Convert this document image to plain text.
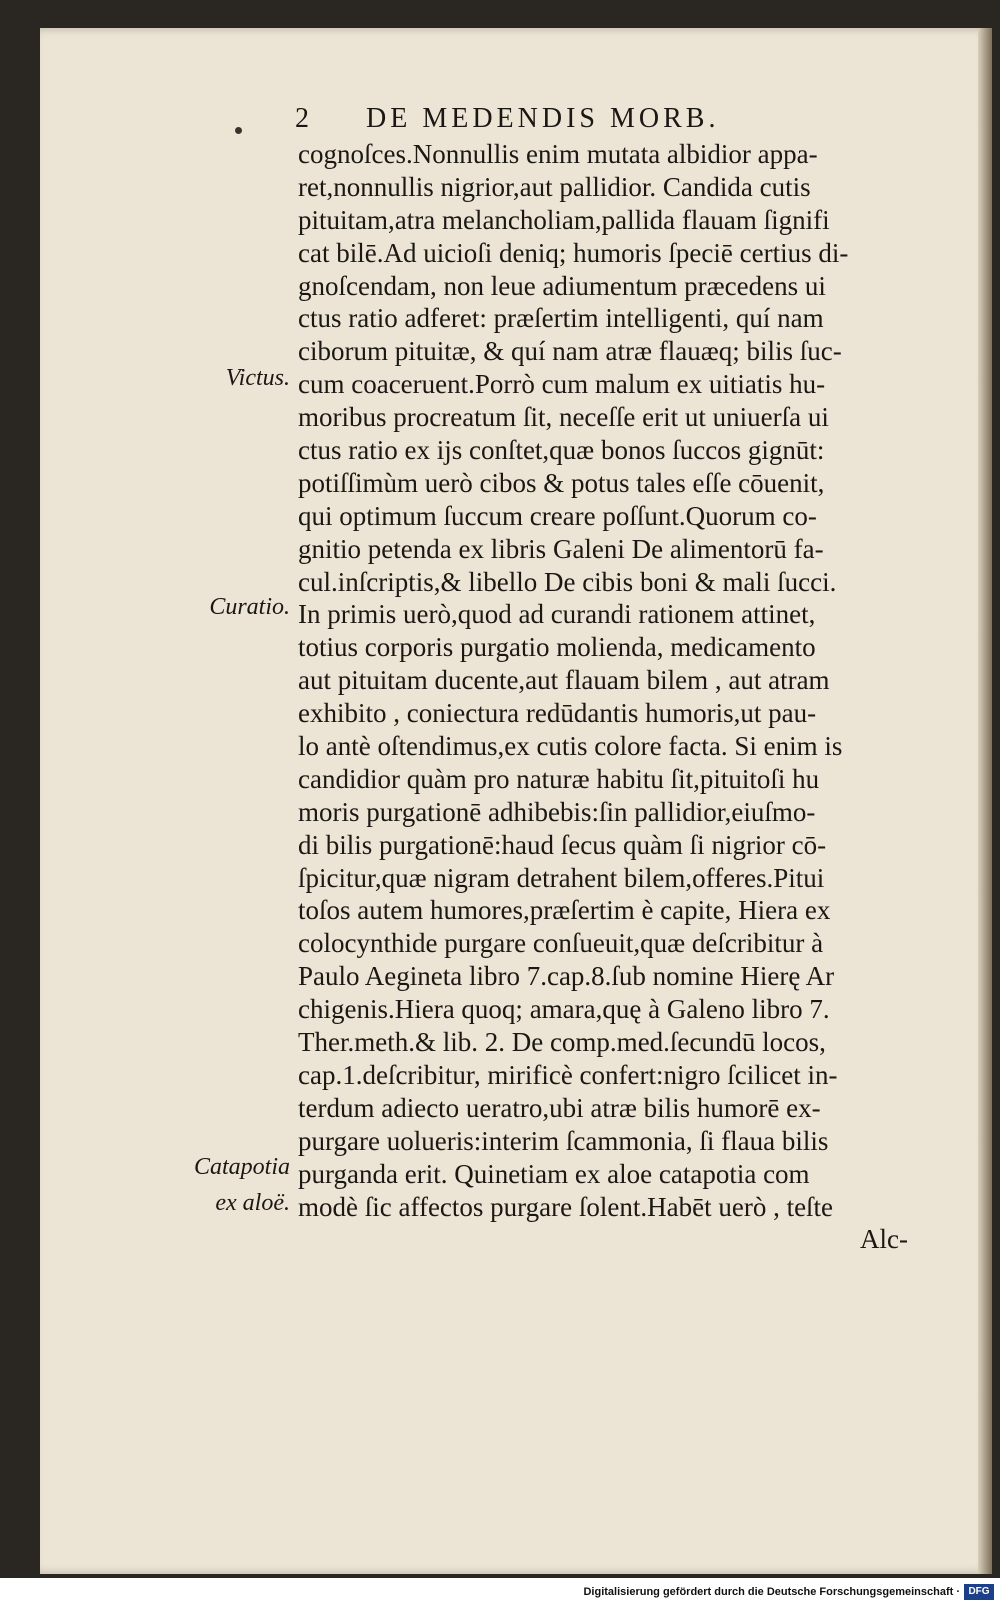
2 DE MEDENDIS MORB.
Victus.
Curatio.
Catapotia
ex aloë.
cognoſces.Nonnullis enim mutata albidior appa-
ret,nonnullis nigrior,aut pallidior. Candida cutis
pituitam,atra melancholiam,pallida flauam ſignifi
cat bilē.Ad uicioſi deniq; humoris ſpeciē certius di-
gnoſcendam, non leue adiumentum præcedens ui
ctus ratio adferet: præſertim intelligenti, quí nam
ciborum pituitæ, & quí nam atræ flauæq; bilis ſuc-
cum coaceruent.Porrò cum malum ex uitiatis hu-
moribus procreatum ſit, neceſſe erit ut uniuerſa ui
ctus ratio ex ijs conſtet,quæ bonos ſuccos gignūt:
potiſſimùm uerò cibos & potus tales eſſe cōuenit,
qui optimum ſuccum creare poſſunt.Quorum co-
gnitio petenda ex libris Galeni De alimentorū fa-
cul.inſcriptis,& libello De cibis boni & mali ſucci.
In primis uerò,quod ad curandi rationem attinet,
totius corporis purgatio molienda, medicamento
aut pituitam ducente,aut flauam bilem , aut atram
exhibito , coniectura redūdantis humoris,ut pau-
lo antè oſtendimus,ex cutis colore facta. Si enim is
candidior quàm pro naturæ habitu ſit,pituitoſi hu
moris purgationē adhibebis:ſin pallidior,eiuſmo-
di bilis purgationē:haud ſecus quàm ſi nigrior cō-
ſpicitur,quæ nigram detrahent bilem,offeres.Pitui
toſos autem humores,præſertim è capite, Hiera ex
colocynthide purgare conſueuit,quæ deſcribitur à
Paulo Aegineta libro 7.cap.8.ſub nomine Hierę Ar
chigenis.Hiera quoq; amara,quę à Galeno libro 7.
Ther.meth.& lib. 2. De comp.med.ſecundū locos,
cap.1.deſcribitur, mirificè confert:nigro ſcilicet in-
terdum adiecto ueratro,ubi atræ bilis humorē ex-
purgare uolueris:interim ſcammonia, ſi flaua bilis
purganda erit. Quinetiam ex aloe catapotia com
modè ſic affectos purgare ſolent.Habēt uerò , teſte
Alc-
Digitalisierung gefördert durch die Deutsche Forschungsgemeinschaft · DFG
